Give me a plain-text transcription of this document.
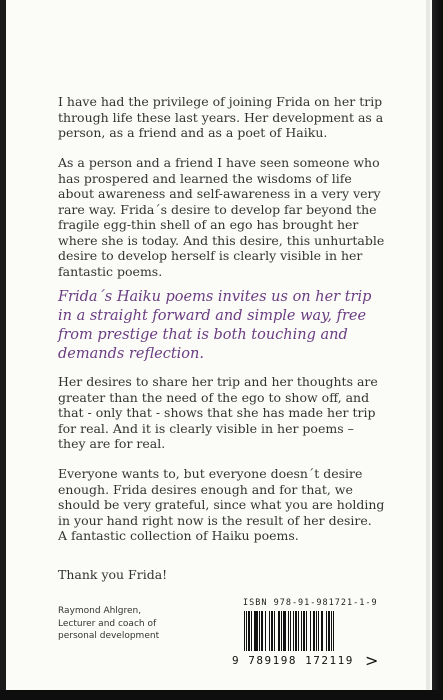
I have had the privilege of joining Frida on her trip
through life these last years. Her development as a
person, as a friend and as a poet of Haiku.

As a person and a friend I have seen someone who
has prospered and learned the wisdoms of life
about awareness and self-awareness in a very very
rare way. Frida´s desire to develop far beyond the
fragile egg-thin shell of an ego has brought her
where she is today. And this desire, this unhurtable
desire to develop herself is clearly visible in her
fantastic poems.

Frida´s Haiku poems invites us on her trip
in a straight forward and simple way, free
from prestige that is both touching and
demands reflection.

Her desires to share her trip and her thoughts are
greater than the need of the ego to show off, and
that - only that - shows that she has made her trip
for real. And it is clearly visible in her poems –
they are for real.

Everyone wants to, but everyone doesn´t desire
enough. Frida desires enough and for that, we
should be very grateful, since what you are holding
in your hand right now is the result of her desire.
A fantastic collection of Haiku poems.

Thank you Frida!

Raymond Ahlgren,
Lecturer and coach of
personal development
ISBN 978-91-981721-1-9
9 789198 172119 >
